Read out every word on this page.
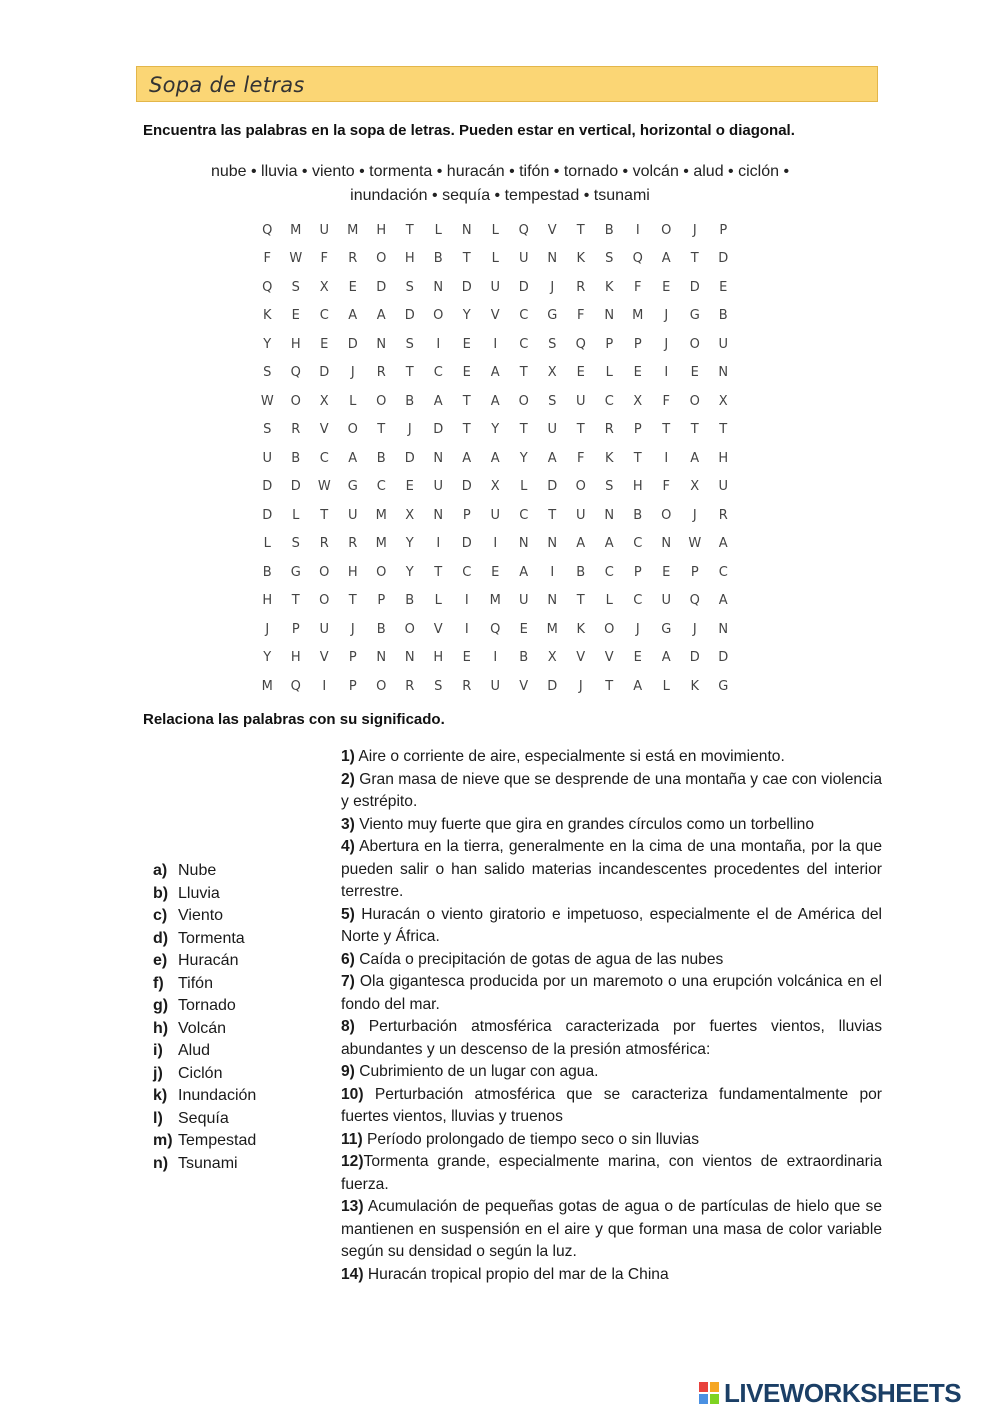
Sopa de letras
Encuentra las palabras en la sopa de letras. Pueden estar en vertical, horizontal o diagonal.
nube • lluvia • viento • tormenta • huracán • tifón • tornado • volcán • alud • ciclón •
inundación • sequía • tempestad • tsunami
Q	M	U	M	H	T	L	N	L	Q	V	T	B	I	O	J	P
F	W	F	R	O	H	B	T	L	U	N	K	S	Q	A	T	D
Q	S	X	E	D	S	N	D	U	D	J	R	K	F	E	D	E
K	E	C	A	A	D	O	Y	V	C	G	F	N	M	J	G	B
Y	H	E	D	N	S	I	E	I	C	S	Q	P	P	J	O	U
S	Q	D	J	R	T	C	E	A	T	X	E	L	E	I	E	N
W	O	X	L	O	B	A	T	A	O	S	U	C	X	F	O	X
S	R	V	O	T	J	D	T	Y	T	U	T	R	P	T	T	T
U	B	C	A	B	D	N	A	A	Y	A	F	K	T	I	A	H
D	D	W	G	C	E	U	D	X	L	D	O	S	H	F	X	U
D	L	T	U	M	X	N	P	U	C	T	U	N	B	O	J	R
L	S	R	R	M	Y	I	D	I	N	N	A	A	C	N	W	A
B	G	O	H	O	Y	T	C	E	A	I	B	C	P	E	P	C
H	T	O	T	P	B	L	I	M	U	N	T	L	C	U	Q	A
J	P	U	J	B	O	V	I	Q	E	M	K	O	J	G	J	N
Y	H	V	P	N	N	H	E	I	B	X	V	V	E	A	D	D
M	Q	I	P	O	R	S	R	U	V	D	J	T	A	L	K	G
Relaciona las palabras con su significado.
a) Nube
b) Lluvia
c) Viento
d) Tormenta
e) Huracán
f) Tifón
g) Tornado
h) Volcán
i) Alud
j) Ciclón
k) Inundación
l) Sequía
m) Tempestad
n) Tsunami
1) Aire o corriente de aire, especialmente si está en movimiento.
2) Gran masa de nieve que se desprende de una montaña y cae con violencia y estrépito.
3) Viento muy fuerte que gira en grandes círculos como un torbellino
4) Abertura en la tierra, generalmente en la cima de una montaña, por la que pueden salir o han salido materias incandescentes procedentes del interior terrestre.
5) Huracán o viento giratorio e impetuoso, especialmente el de América del Norte y África.
6) Caída o precipitación de gotas de agua de las nubes
7) Ola gigantesca producida por un maremoto o una erupción volcánica en el fondo del mar.
8) Perturbación atmosférica caracterizada por fuertes vientos, lluvias abundantes y un descenso de la presión atmosférica:
9) Cubrimiento de un lugar con agua.
10) Perturbación atmosférica que se caracteriza fundamentalmente por fuertes vientos, lluvias y truenos
11) Período prolongado de tiempo seco o sin lluvias
12)Tormenta grande, especialmente marina, con vientos de extraordinaria fuerza.
13) Acumulación de pequeñas gotas de agua o de partículas de hielo que se mantienen en suspensión en el aire y que forman una masa de color variable según su densidad o según la luz.
14) Huracán tropical propio del mar de la China
LIVEWORKSHEETS
